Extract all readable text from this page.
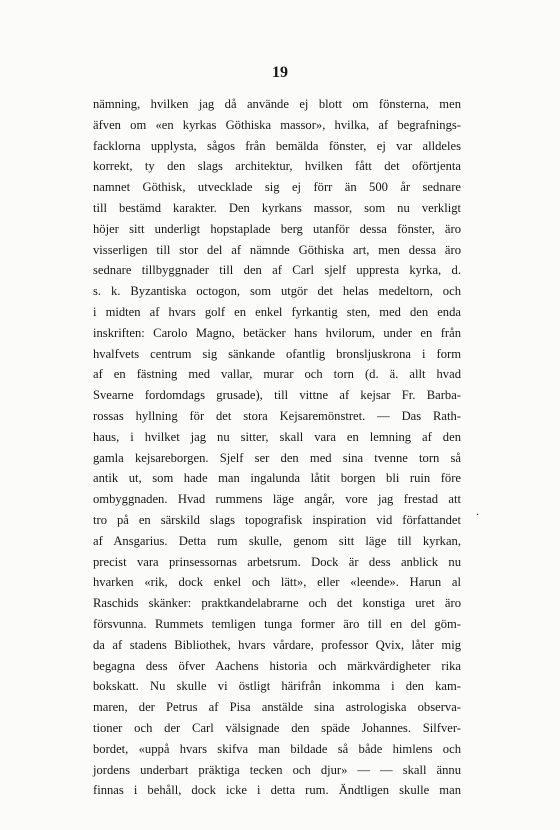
19
nämning, hvilken jag då använde ej blott om fönsterna, men
äfven om «en kyrkas Göthiska massor», hvilka, af begrafnings-
facklorna upplysta, sågos från bemälda fönster, ej var alldeles
korrekt, ty den slags architektur, hvilken fått det oförtjenta
namnet Göthisk, utvecklade sig ej förr än 500 år sednare
till bestämd karakter. Den kyrkans massor, som nu verkligt
höjer sitt underligt hopstaplade berg utanför dessa fönster, äro
visserligen till stor del af nämnde Göthiska art, men dessa äro
sednare tillbyggnader till den af Carl sjelf uppresta kyrka, d.
s. k. Byzantiska octogon, som utgör det helas medeltorn, och
i midten af hvars golf en enkel fyrkantig sten, med den enda
inskriften: Carolo Magno, betäcker hans hvilorum, under en från
hvalfvets centrum sig sänkande ofantlig bronsljuskrona i form
af en fästning med vallar, murar och torn (d. ä. allt hvad
Svearne fordomdags grusade), till vittne af kejsar Fr. Barba-
rossas hyllning för det stora Kejsaremönstret. — Das Rath-
haus, i hvilket jag nu sitter, skall vara en lemning af den
gamla kejsareborgen. Sjelf ser den med sina tvenne torn så
antik ut, som hade man ingalunda låtit borgen bli ruin före
ombyggnaden. Hvad rummens läge angår, vore jag frestad att
tro på en särskild slags topografisk inspiration vid författandet
af Ansgarius. Detta rum skulle, genom sitt läge till kyrkan,
precist vara prinsessornas arbetsrum. Dock är dess anblick nu
hvarken «rik, dock enkel och lätt», eller «leende». Harun al
Raschids skänker: praktkandelabrarne och det konstiga uret äro
försvunna. Rummets temligen tunga former äro till en del göm-
da af stadens Bibliothek, hvars vårdare, professor Qvix, låter mig
begagna dess öfver Aachens historia och märkvärdigheter rika
bokskatt. Nu skulle vi östligt härifrån inkomma i den kam-
maren, der Petrus af Pisa anstälde sina astrologiska observa-
tioner och der Carl välsignade den späde Johannes. Silfver-
bordet, «uppå hvars skifva man bildade så både himlens och
jordens underbart präktiga tecken och djur» — — skall ännu
finnas i behåll, dock icke i detta rum. Ändtligen skulle man
.
